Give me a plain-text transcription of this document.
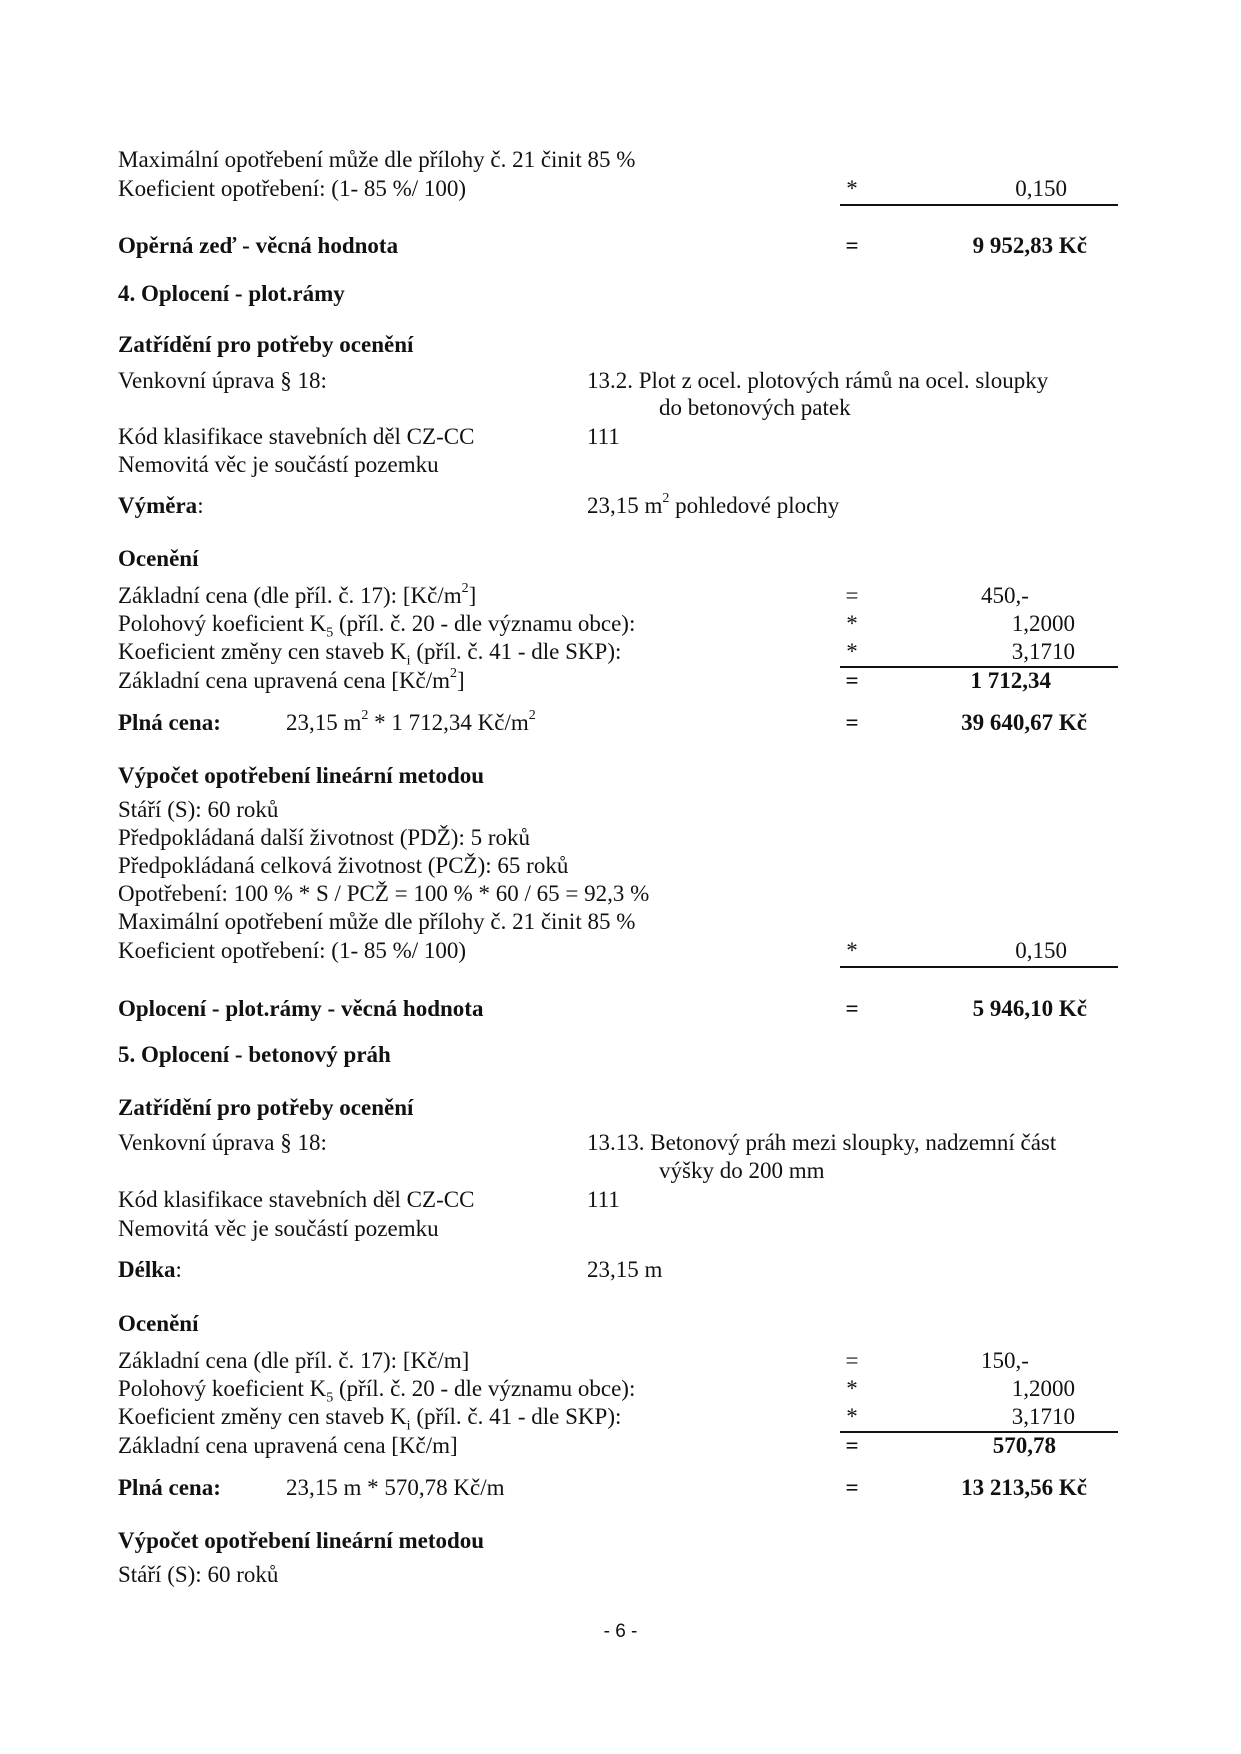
Maximální opotřebení může dle přílohy č. 21 činit 85 %
Koeficient opotřebení: (1- 85 %/ 100)	*	0,150
Opěrná zeď - věcná hodnota	=	9 952,83 Kč
4. Oplocení - plot.rámy
Zatřídění pro potřeby ocenění
Venkovní úprava § 18:	13.2. Plot z ocel. plotových rámů na ocel. sloupky
do betonových patek
Kód klasifikace stavebních děl CZ-CC	111
Nemovitá věc je součástí pozemku
Výměra:	23,15 $m^2$ pohledové plochy
Ocenění
Základní cena (dle příl. č. 17): $[Kč/m^2]$	=	450,-
Polohový koeficient $K_5$ (příl. č. 20 - dle významu obce):	*	1,2000
Koeficient změny cen staveb $K_i$ (příl. č. 41 - dle SKP):	*	3,1710
Základní cena upravená cena $[Kč/m^2]$	=	1 712,34
Plná cena:	23,15 $m^2 * 1$ 712,34 $Kč/m^2$	=	39 640,67 Kč
Výpočet opotřebení lineární metodou
Stáří (S): 60 roků
Předpokládaná další životnost (PDŽ): 5 roků
Předpokládaná celková životnost (PCŽ): 65 roků
Opotřebení: 100 % * S / PCŽ = 100 % * 60 / 65 = 92,3 %
Maximální opotřebení může dle přílohy č. 21 činit 85 %
Koeficient opotřebení: (1- 85 %/ 100)	*	0,150
Oplocení - plot.rámy - věcná hodnota	=	5 946,10 Kč
5. Oplocení - betonový práh
Zatřídění pro potřeby ocenění
Venkovní úprava § 18:	13.13. Betonový práh mezi sloupky, nadzemní část
výšky do 200 mm
Kód klasifikace stavebních děl CZ-CC	111
Nemovitá věc je součástí pozemku
Délka:	23,15 m
Ocenění
Základní cena (dle příl. č. 17): [Kč/m]	=	150,-
Polohový koeficient $K_5$ (příl. č. 20 - dle významu obce):	*	1,2000
Koeficient změny cen staveb $K_i$ (příl. č. 41 - dle SKP):	*	3,1710
Základní cena upravená cena [Kč/m]	=	570,78
Plná cena:	23,15 m * 570,78 Kč/m	=	13 213,56 Kč
Výpočet opotřebení lineární metodou
Stáří (S): 60 roků
- 6 -
